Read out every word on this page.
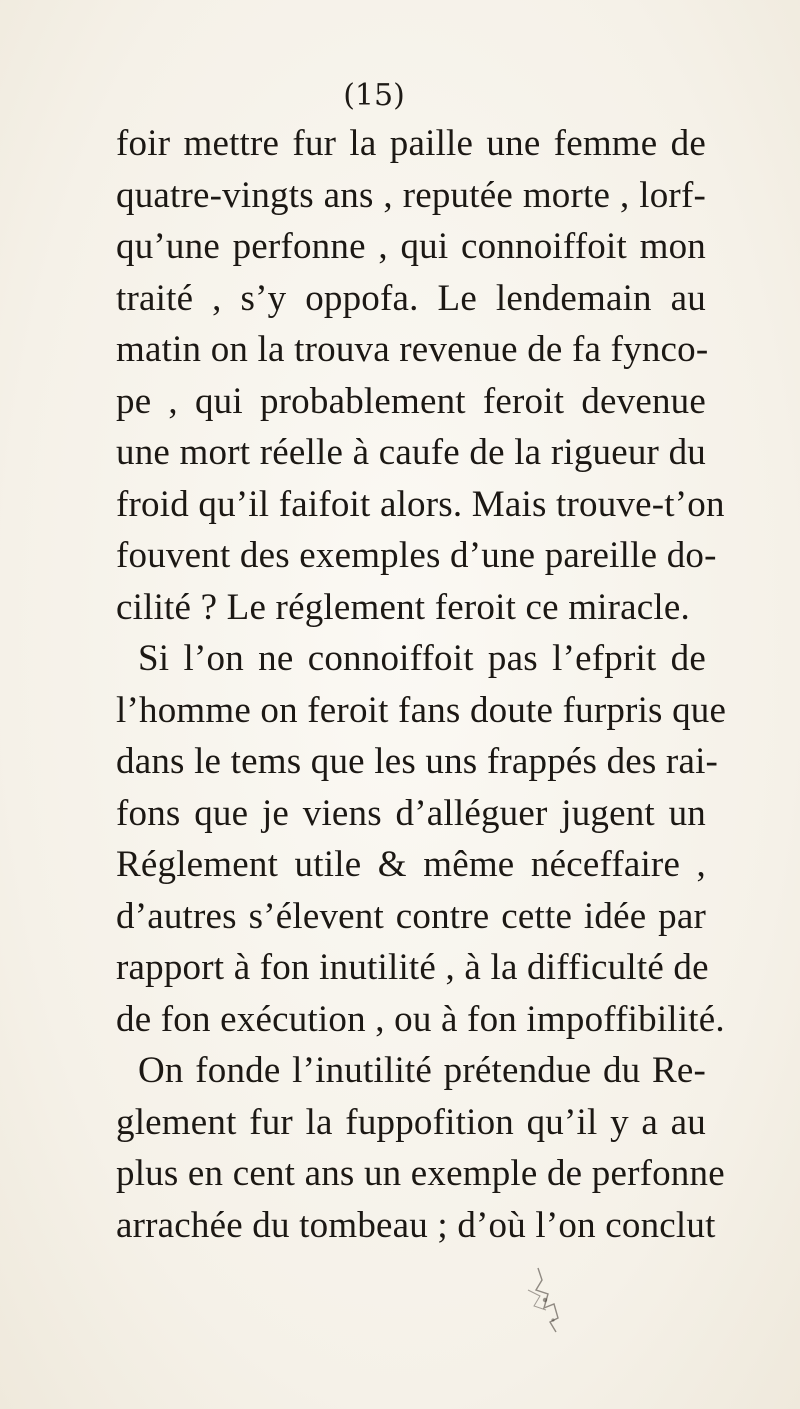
(15)
foir mettre fur la paille une femme de
quatre-vingts ans , reputée morte , lorf-
qu’une perfonne , qui connoiffoit mon
traité , s’y oppofa. Le lendemain au
matin on la trouva revenue de fa fynco-
pe , qui probablement feroit devenue
une mort réelle à caufe de la rigueur du
froid qu’il faifoit alors. Mais trouve-t’on
fouvent des exemples d’une pareille do-
cilité ? Le réglement feroit ce miracle.
Si l’on ne connoiffoit pas l’efprit de
l’homme on feroit fans doute furpris que
dans le tems que les uns frappés des rai-
fons que je viens d’alléguer jugent un
Réglement utile & même néceffaire ,
d’autres s’élevent contre cette idée par
rapport à fon inutilité , à la difficulté de
de fon exécution , ou à fon impoffibilité.
On fonde l’inutilité prétendue du Re-
glement fur la fuppofition qu’il y a au
plus en cent ans un exemple de perfonne
arrachée du tombeau ; d’où l’on conclut
